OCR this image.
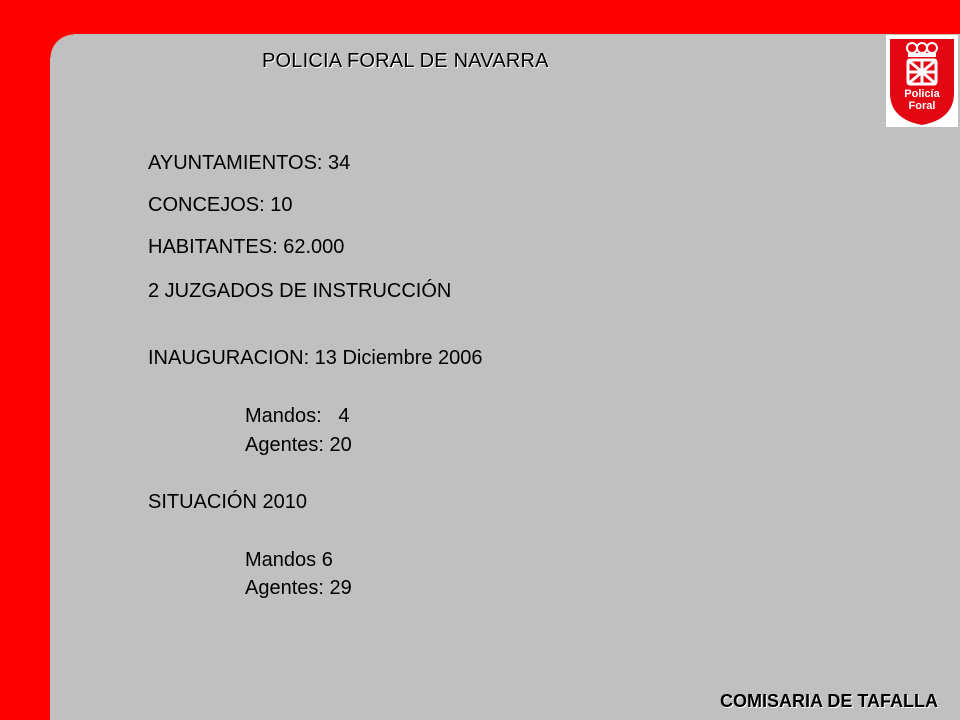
POLICIA FORAL DE NAVARRA
Policía
Foral
AYUNTAMIENTOS: 34
CONCEJOS: 10
HABITANTES: 62.000
2 JUZGADOS DE INSTRUCCIÓN
INAUGURACION: 13 Diciembre 2006
Mandos:   4
Agentes: 20
SITUACIÓN 2010
Mandos 6
Agentes: 29
COMISARIA DE TAFALLA
